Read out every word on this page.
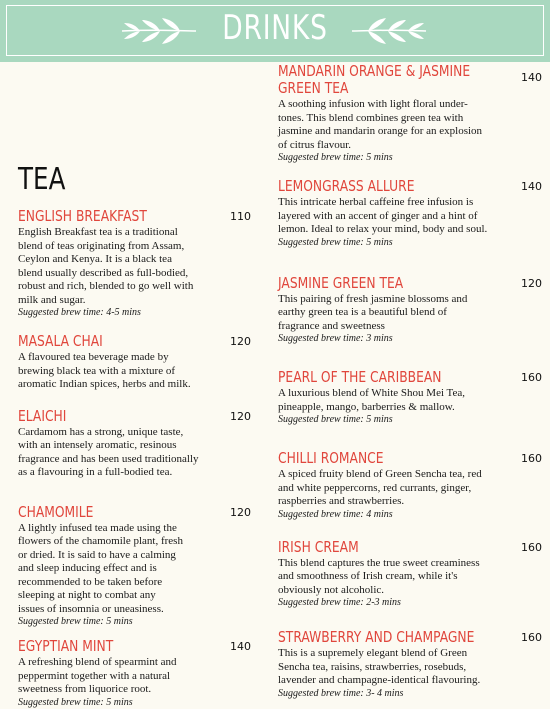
DRINKS
TEA
ENGLISH BREAKFAST	110
English Breakfast tea is a traditional
blend of teas originating from Assam,
Ceylon and Kenya. It is a black tea
blend usually described as full-bodied,
robust and rich, blended to go well with
milk and sugar.
Suggested brew time: 4-5 mins
MASALA CHAI	120
A flavoured tea beverage made by
brewing black tea with a mixture of
aromatic Indian spices, herbs and milk.
ELAICHI	120
Cardamom has a strong, unique taste,
with an intensely aromatic, resinous
fragrance and has been used traditionally
as a flavouring in a full-bodied tea.
CHAMOMILE	120
A lightly infused tea made using the
flowers of the chamomile plant, fresh
or dried. It is said to have a calming
and sleep inducing effect and is
recommended to be taken before
sleeping at night to combat any
issues of insomnia or uneasiness.
Suggested brew time: 5 mins
EGYPTIAN MINT	140
A refreshing blend of spearmint and
peppermint together with a natural
sweetness from liquorice root.
Suggested brew time: 5 mins
MANDARIN ORANGE & JASMINE
GREEN TEA
140
A soothing infusion with light floral under-
tones. This blend combines green tea with
jasmine and mandarin orange for an explosion
of citrus flavour.
Suggested brew time: 5 mins
LEMONGRASS ALLURE	140
This intricate herbal caffeine free infusion is
layered with an accent of ginger and a hint of
lemon. Ideal to relax your mind, body and soul.
Suggested brew time: 5 mins
JASMINE GREEN TEA	120
This pairing of fresh jasmine blossoms and
earthy green tea is a beautiful blend of
fragrance and sweetness
Suggested brew time: 3 mins
PEARL OF THE CARIBBEAN	160
A luxurious blend of White Shou Mei Tea,
pineapple, mango, barberries & mallow.
Suggested brew time: 5 mins
CHILLI ROMANCE	160
A spiced fruity blend of Green Sencha tea, red
and white peppercorns, red currants, ginger,
raspberries and strawberries.
Suggested brew time: 4 mins
IRISH CREAM	160
This blend captures the true sweet creaminess
and smoothness of Irish cream, while it's
obviously not alcoholic.
Suggested brew time: 2-3 mins
STRAWBERRY AND CHAMPAGNE	160
This is a supremely elegant blend of Green
Sencha tea, raisins, strawberries, rosebuds,
lavender and champagne-identical flavouring.
Suggested brew time: 3- 4 mins
